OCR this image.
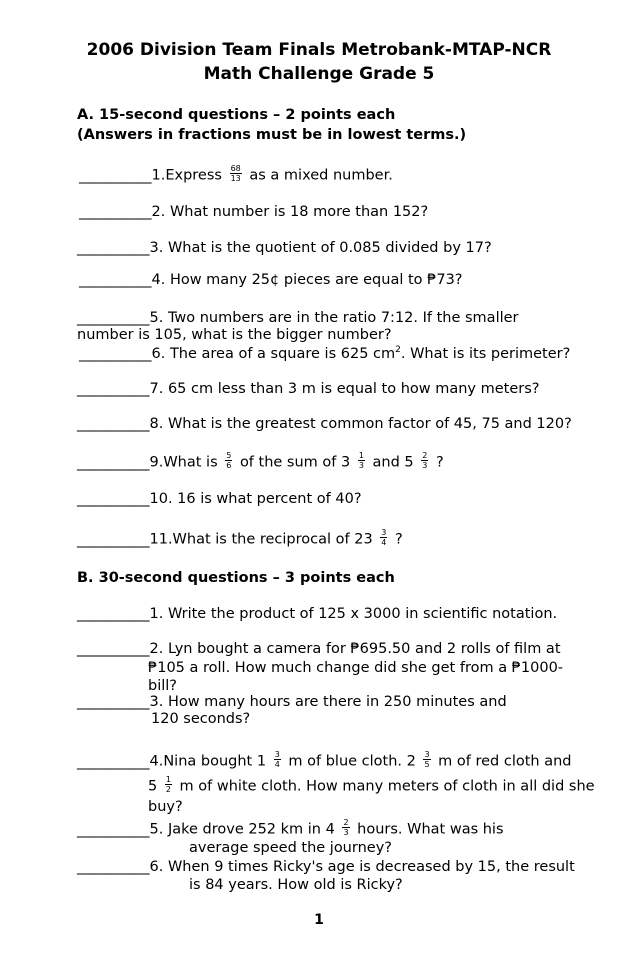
2006 Division Team Finals Metrobank-MTAP-NCR
Math Challenge Grade 5
A. 15-second questions – 2 points each
(Answers in fractions must be in lowest terms.)
__________1.Express $\frac{68}{13}$ as a mixed number.
__________2. What number is 18 more than 152?
__________3. What is the quotient of 0.085 divided by 17?
__________4. How many 25¢ pieces are equal to ₱73?
__________5. Two numbers are in the ratio 7:12. If the smaller
number is 105, what is the bigger number?
__________6. The area of a square is 625 $cm^2$. What is its perimeter?
__________7. 65 cm less than 3 m is equal to how many meters?
__________8. What is the greatest common factor of 45, 75 and 120?
__________9.What is $\frac{5}{6}$ of the sum of $3 \frac{1}{3}$ and $5 \frac{2}{3}$ ?
__________10. 16 is what percent of 40?
__________11.What is the reciprocal of $23 \frac{3}{4}$ ?
B. 30-second questions – 3 points each
__________1. Write the product of 125 x 3000 in scientific notation.
__________2. Lyn bought a camera for ₱695.50 and 2 rolls of film at
₱105 a roll. How much change did she get from a ₱1000-
bill?
__________3. How many hours are there in 250 minutes and
120 seconds?
__________4.Nina bought $1 \frac{3}{4}$ m of blue cloth. $2 \frac{3}{5}$ m of red cloth and
$5 \frac{1}{2}$ m of white cloth. How many meters of cloth in all did she
buy?
__________5. Jake drove 252 km in $4 \frac{2}{3}$ hours. What was his
average speed the journey?
__________6. When 9 times Ricky's age is decreased by 15, the result
is 84 years. How old is Ricky?
1
